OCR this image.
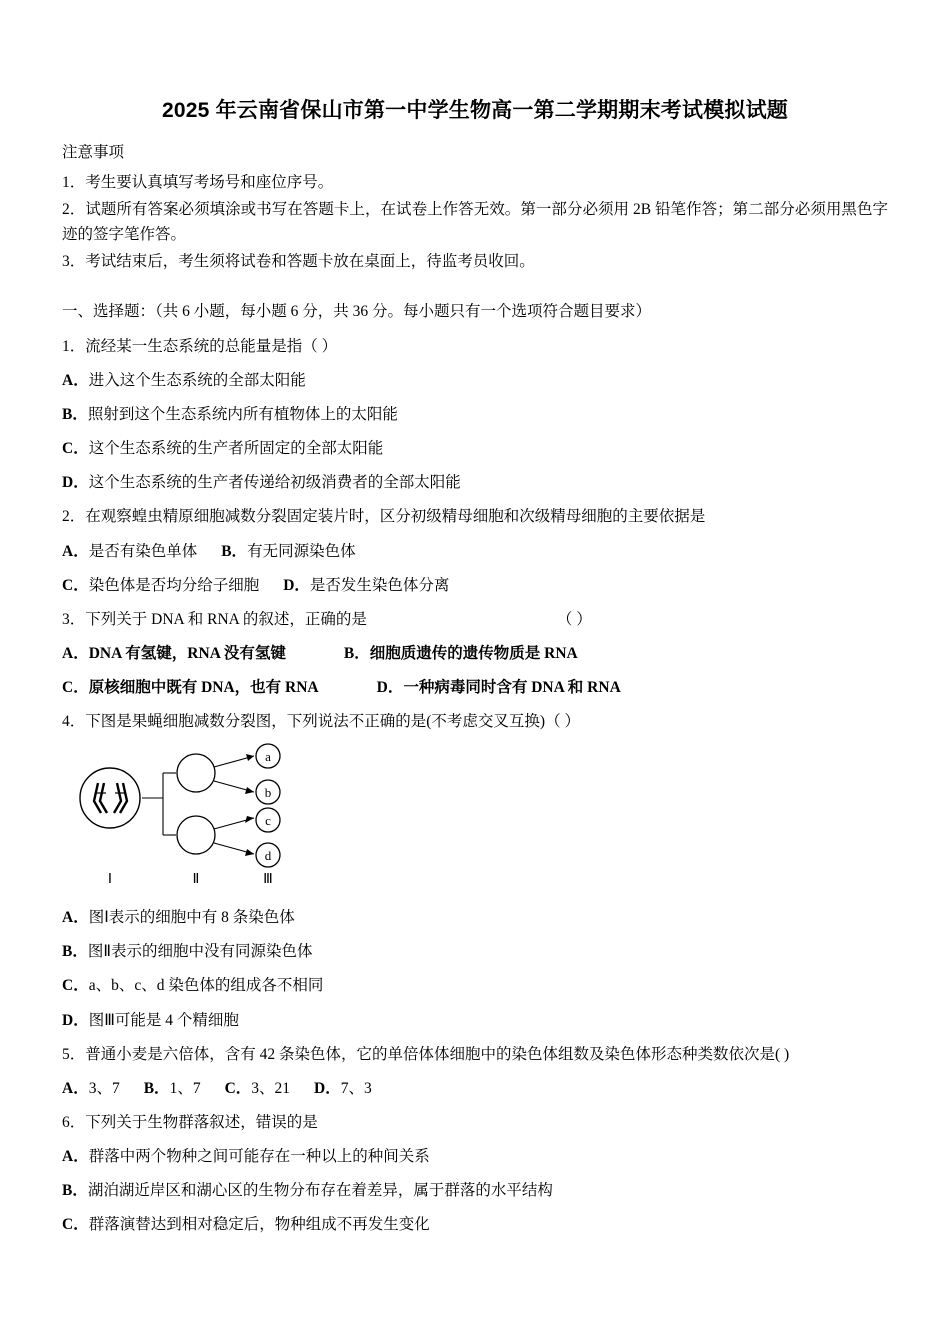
2025 年云南省保山市第一中学生物高一第二学期期末考试模拟试题
注意事项
1．考生要认真填写考场号和座位序号。
2．试题所有答案必须填涂或书写在答题卡上，在试卷上作答无效。第一部分必须用 2B 铅笔作答；第二部分必须用黑色字迹的签字笔作答。
3．考试结束后，考生须将试卷和答题卡放在桌面上，待监考员收回。
一、选择题：（共 6 小题，每小题 6 分，共 36 分。每小题只有一个选项符合题目要求）
1．流经某一生态系统的总能量是指（ ）
A．进入这个生态系统的全部太阳能
B．照射到这个生态系统内所有植物体上的太阳能
C．这个生态系统的生产者所固定的全部太阳能
D．这个生态系统的生产者传递给初级消费者的全部太阳能
2．在观察蝗虫精原细胞减数分裂固定装片时，区分初级精母细胞和次级精母细胞的主要依据是
A．是否有染色单体 B．有无同源染色体
C．染色体是否均分给子细胞 D．是否发生染色体分离
3．下列关于 DNA 和 RNA 的叙述，正确的是	（ ）
A．DNA 有氢键，RNA 没有氢键	B．细胞质遗传的遗传物质是 RNA
C．原核细胞中既有 DNA，也有 RNA	D．一种病毒同时含有 DNA 和 RNA
4．下图是果蝇细胞减数分裂图，下列说法不正确的是(不考虑交叉互换)（ ）
a
b
c
d
Ⅰ	Ⅱ	Ⅲ
A．图Ⅰ表示的细胞中有 8 条染色体
B．图Ⅱ表示的细胞中没有同源染色体
C．a、b、c、d 染色体的组成各不相同
D．图Ⅲ可能是 4 个精细胞
5．普通小麦是六倍体，含有 42 条染色体，它的单倍体体细胞中的染色体组数及染色体形态种类数依次是( )
A．3、7 B．1、7 C．3、21 D．7、3
6．下列关于生物群落叙述，错误的是
A．群落中两个物种之间可能存在一种以上的种间关系
B．湖泊湖近岸区和湖心区的生物分布存在着差异，属于群落的水平结构
C．群落演替达到相对稳定后，物种组成不再发生变化
